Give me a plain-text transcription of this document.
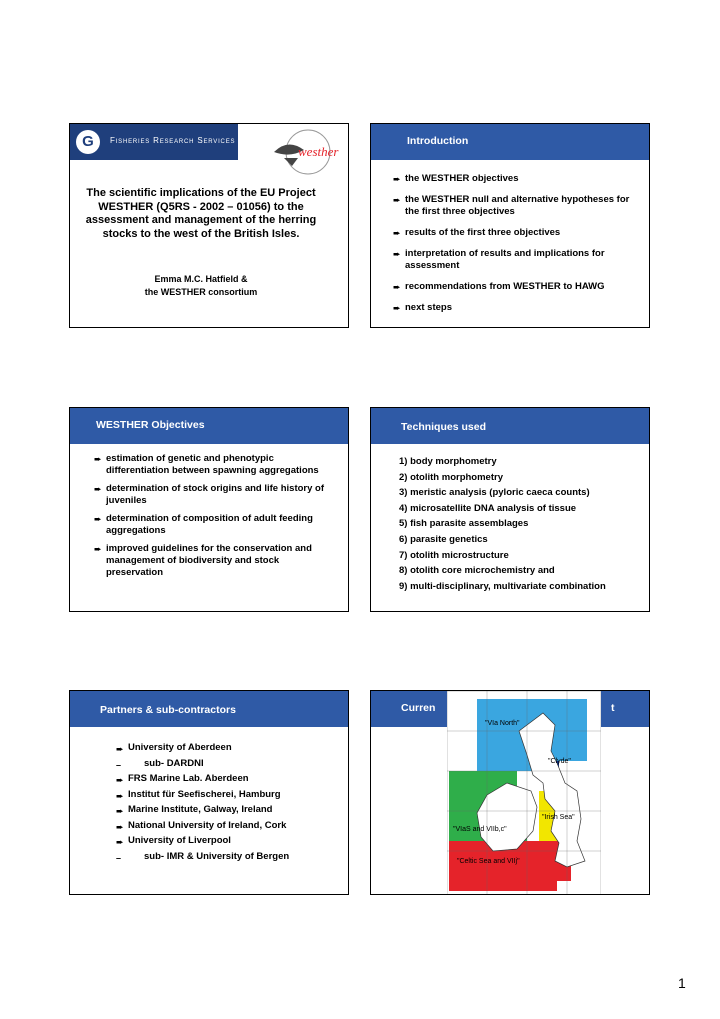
G	Fisheries Research Services
westher
The scientific implications of the EU Project WESTHER (Q5RS - 2002 – 01056) to the assessment and management of the herring stocks to the west of the British Isles.
Emma M.C. Hatfield &
the WESTHER consortium
Introduction
➨ the WESTHER objectives
➨ the WESTHER null and alternative hypotheses for the first three objectives
➨ results of the first three objectives
➨ interpretation of results and implications for assessment
➨ recommendations from WESTHER to HAWG
➨ next steps
WESTHER Objectives
➨ estimation of genetic and phenotypic differentiation between spawning aggregations
➨ determination of stock origins and life history of juveniles
➨ determination of composition of adult feeding aggregations
➨ improved guidelines for the conservation and management of biodiversity and stock preservation
Techniques used
1) body morphometry
2) otolith morphometry
3) meristic analysis (pyloric caeca counts)
4) microsatellite DNA analysis of tissue
5) fish parasite assemblages
6) parasite genetics
7) otolith microstructure
8) otolith core microchemistry and
9) multi-disciplinary, multivariate combination
Partners & sub-contractors
➨ University of Aberdeen
– sub- DARDNI
➨ FRS Marine Lab. Aberdeen
➨ Institut für Seefischerei, Hamburg
➨ Marine Institute, Galway, Ireland
➨ National University of Ireland, Cork
➨ University of Liverpool
– sub- IMR & University of Bergen
Curren	t
"VIa North"
"Clyde"
"Irish Sea"
"VIaS and VIIb,c"
"Celtic Sea and VIIj"
1
